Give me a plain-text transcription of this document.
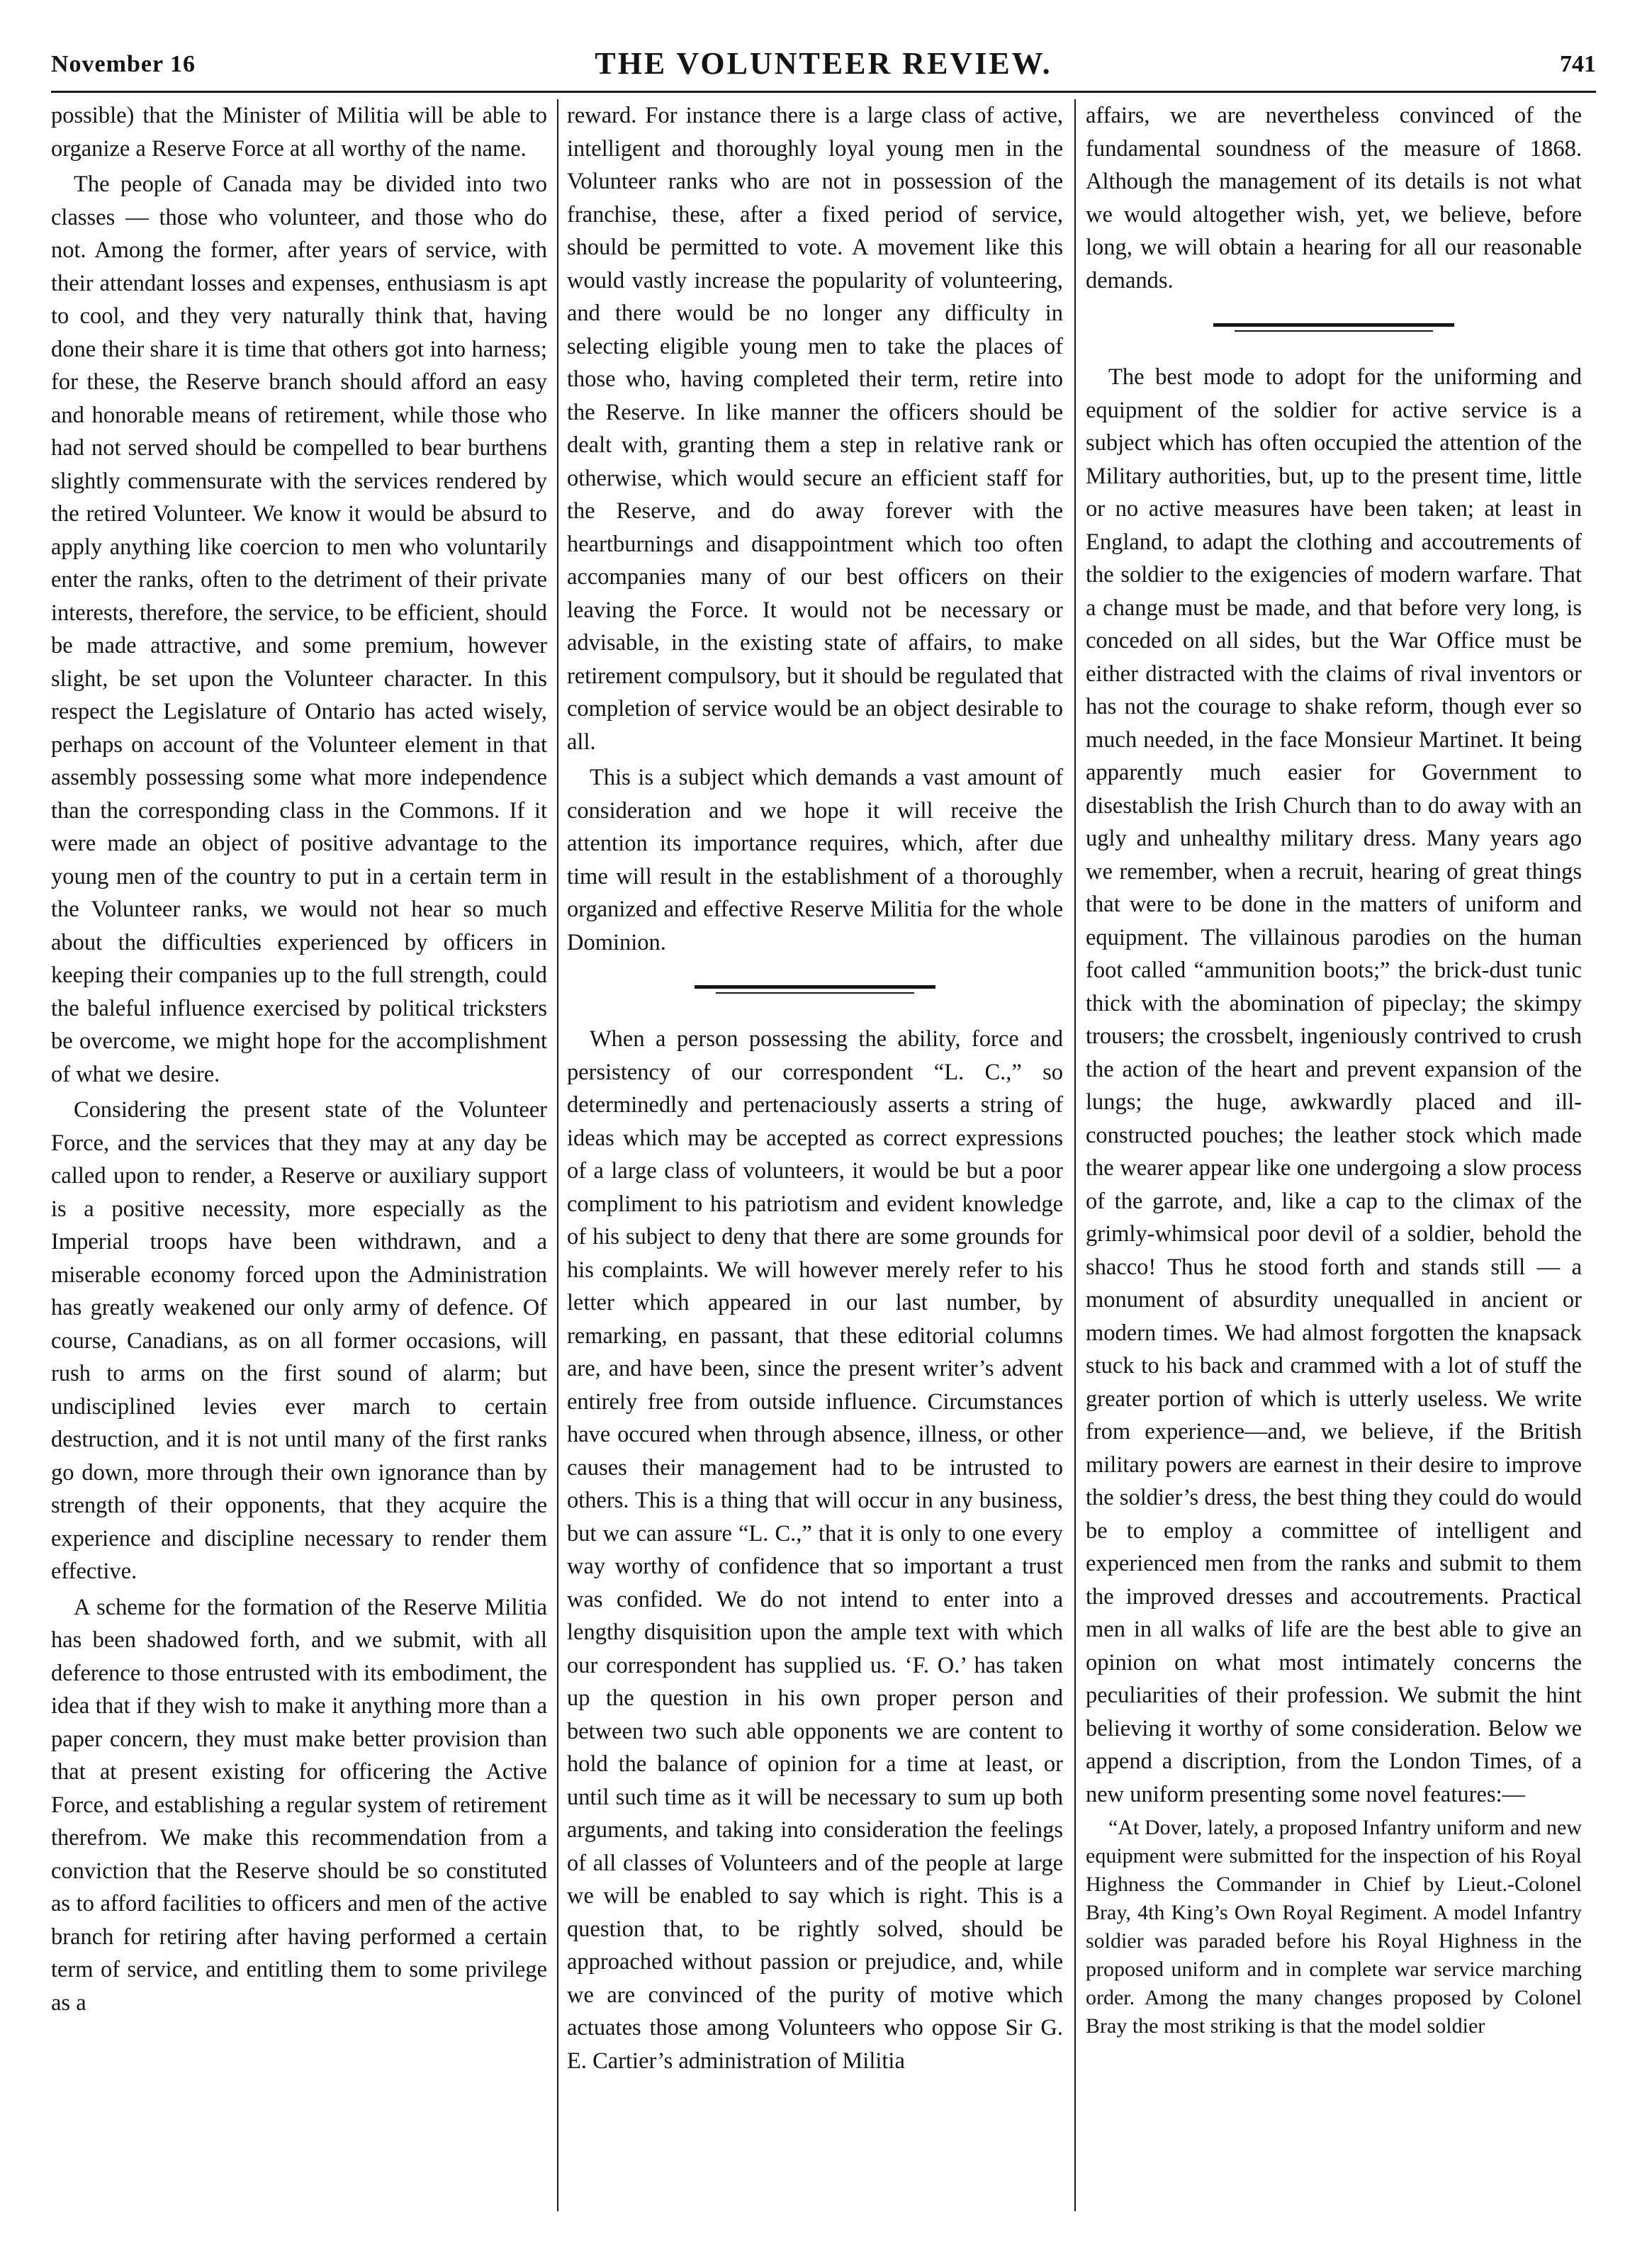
November 16	THE VOLUNTEER REVIEW.	741

possible) that the Minister of Militia will be able to organize a Reserve Force at all worthy of the name.

The people of Canada may be divided into two classes — those who volunteer, and those who do not. Among the former, after years of service, with their attendant losses and expenses, enthusiasm is apt to cool, and they very naturally think that, having done their share it is time that others got into harness; for these, the Reserve branch should afford an easy and honorable means of retirement, while those who had not served should be compelled to bear burthens slightly commensurate with the services rendered by the retired Volunteer. We know it would be absurd to apply anything like coercion to men who voluntarily enter the ranks, often to the detriment of their private interests, therefore, the service, to be efficient, should be made attractive, and some premium, however slight, be set upon the Volunteer character. In this respect the Legislature of Ontario has acted wisely, perhaps on account of the Volunteer element in that assembly possessing some what more independence than the corresponding class in the Commons. If it were made an object of positive advantage to the young men of the country to put in a certain term in the Volunteer ranks, we would not hear so much about the difficulties experienced by officers in keeping their companies up to the full strength, could the baleful influence exercised by political tricksters be overcome, we might hope for the accomplishment of what we desire.

Considering the present state of the Volunteer Force, and the services that they may at any day be called upon to render, a Reserve or auxiliary support is a positive necessity, more especially as the Imperial troops have been withdrawn, and a miserable economy forced upon the Administration has greatly weakened our only army of defence. Of course, Canadians, as on all former occasions, will rush to arms on the first sound of alarm; but undisciplined levies ever march to certain destruction, and it is not until many of the first ranks go down, more through their own ignorance than by strength of their opponents, that they acquire the experience and discipline necessary to render them effective.

A scheme for the formation of the Reserve Militia has been shadowed forth, and we submit, with all deference to those entrusted with its embodiment, the idea that if they wish to make it anything more than a paper concern, they must make better provision than that at present existing for officering the Active Force, and establishing a regular system of retirement therefrom. We make this recommendation from a conviction that the Reserve should be so constituted as to afford facilities to officers and men of the active branch for retiring after having performed a certain term of service, and entitling them to some privilege as a

reward. For instance there is a large class of active, intelligent and thoroughly loyal young men in the Volunteer ranks who are not in possession of the franchise, these, after a fixed period of service, should be permitted to vote. A movement like this would vastly increase the popularity of volunteering, and there would be no longer any difficulty in selecting eligible young men to take the places of those who, having completed their term, retire into the Reserve. In like manner the officers should be dealt with, granting them a step in relative rank or otherwise, which would secure an efficient staff for the Reserve, and do away forever with the heartburnings and disappointment which too often accompanies many of our best officers on their leaving the Force. It would not be necessary or advisable, in the existing state of affairs, to make retirement compulsory, but it should be regulated that completion of service would be an object desirable to all.

This is a subject which demands a vast amount of consideration and we hope it will receive the attention its importance requires, which, after due time will result in the establishment of a thoroughly organized and effective Reserve Militia for the whole Dominion.

When a person possessing the ability, force and persistency of our correspondent “L. C.,” so determinedly and pertenaciously asserts a string of ideas which may be accepted as correct expressions of a large class of volunteers, it would be but a poor compliment to his patriotism and evident knowledge of his subject to deny that there are some grounds for his complaints. We will however merely refer to his letter which appeared in our last number, by remarking, en passant, that these editorial columns are, and have been, since the present writer’s advent entirely free from outside influence. Circumstances have occured when through absence, illness, or other causes their management had to be intrusted to others. This is a thing that will occur in any business, but we can assure “L. C.,” that it is only to one every way worthy of confidence that so important a trust was confided. We do not intend to enter into a lengthy disquisition upon the ample text with which our correspondent has supplied us. ‘F. O.’ has taken up the question in his own proper person and between two such able opponents we are content to hold the balance of opinion for a time at least, or until such time as it will be necessary to sum up both arguments, and taking into consideration the feelings of all classes of Volunteers and of the people at large we will be enabled to say which is right. This is a question that, to be rightly solved, should be approached without passion or prejudice, and, while we are convinced of the purity of motive which actuates those among Volunteers who oppose Sir G. E. Cartier’s administration of Militia

affairs, we are nevertheless convinced of the fundamental soundness of the measure of 1868. Although the management of its details is not what we would altogether wish, yet, we believe, before long, we will obtain a hearing for all our reasonable demands.

The best mode to adopt for the uniforming and equipment of the soldier for active service is a subject which has often occupied the attention of the Military authorities, but, up to the present time, little or no active measures have been taken; at least in England, to adapt the clothing and accoutrements of the soldier to the exigencies of modern warfare. That a change must be made, and that before very long, is conceded on all sides, but the War Office must be either distracted with the claims of rival inventors or has not the courage to shake reform, though ever so much needed, in the face Monsieur Martinet. It being apparently much easier for Government to disestablish the Irish Church than to do away with an ugly and unhealthy military dress. Many years ago we remember, when a recruit, hearing of great things that were to be done in the matters of uniform and equipment. The villainous parodies on the human foot called “ammunition boots;” the brick-dust tunic thick with the abomination of pipeclay; the skimpy trousers; the crossbelt, ingeniously contrived to crush the action of the heart and prevent expansion of the lungs; the huge, awkwardly placed and ill-constructed pouches; the leather stock which made the wearer appear like one undergoing a slow process of the garrote, and, like a cap to the climax of the grimly-whimsical poor devil of a soldier, behold the shacco! Thus he stood forth and stands still — a monument of absurdity unequalled in ancient or modern times. We had almost forgotten the knapsack stuck to his back and crammed with a lot of stuff the greater portion of which is utterly useless. We write from experience—and, we believe, if the British military powers are earnest in their desire to improve the soldier’s dress, the best thing they could do would be to employ a committee of intelligent and experienced men from the ranks and submit to them the improved dresses and accoutrements. Practical men in all walks of life are the best able to give an opinion on what most intimately concerns the peculiarities of their profession. We submit the hint believing it worthy of some consideration. Below we append a discription, from the London Times, of a new uniform presenting some novel features:—

“At Dover, lately, a proposed Infantry uniform and new equipment were submitted for the inspection of his Royal Highness the Commander in Chief by Lieut.-Colonel Bray, 4th King’s Own Royal Regiment. A model Infantry soldier was paraded before his Royal Highness in the proposed uniform and in complete war service marching order. Among the many changes proposed by Colonel Bray the most striking is that the model soldier
